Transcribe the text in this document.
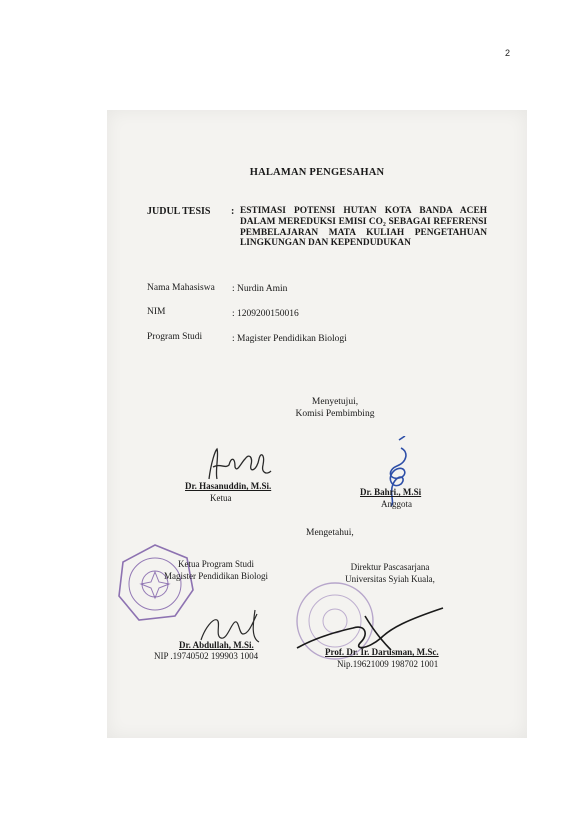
2
HALAMAN PENGESAHAN
JUDUL TESIS : ESTIMASI POTENSI HUTAN KOTA BANDA ACEH DALAM MEREDUKSI EMISI CO₂ SEBAGAI REFERENSI PEMBELAJARAN MATA KULIAH PENGETAHUAN LINGKUNGAN DAN KEPENDUDUKAN
Nama Mahasiswa : Nurdin Amin
NIM	: 1209200150016
Program Studi	: Magister Pendidikan Biologi
Menyetujui,
Komisi Pembimbing
Dr. Hasanuddin, M.Si.
Ketua
Dr. Bahri., M.Si
Anggota
Mengetahui,
Ketua Program Studi
Magister Pendidikan Biologi
Dr. Abdullah, M.Si.
NIP .19740502 199903 1004
Direktur Pascasarjana
Universitas Syiah Kuala,
Prof. Dr. Ir. Darusman, M.Sc.
Nip.19621009 198702 1001
